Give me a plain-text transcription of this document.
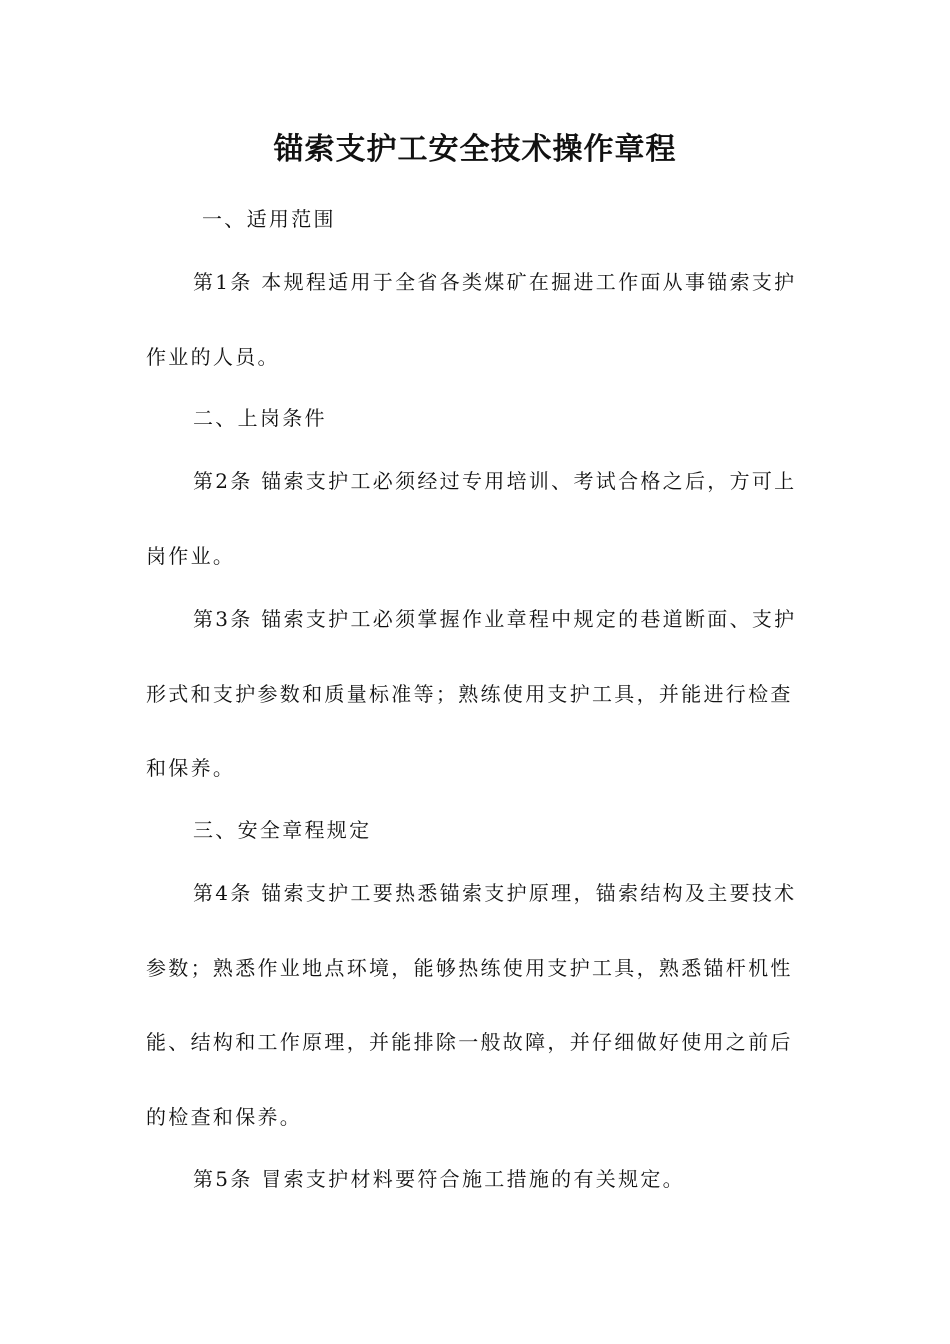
锚索支护工安全技术操作章程

一、适用范围

第1条 本规程适用于全省各类煤矿在掘进工作面从事锚索支护

作业的人员。

二、上岗条件

第2条 锚索支护工必须经过专用培训、考试合格之后，方可上

岗作业。

第3条 锚索支护工必须掌握作业章程中规定的巷道断面、支护

形式和支护参数和质量标准等；熟练使用支护工具，并能进行检查

和保养。

三、安全章程规定

第4条 锚索支护工要热悉锚索支护原理，锚索结构及主要技术

参数；熟悉作业地点环境，能够热练使用支护工具，熟悉锚杆机性

能、结构和工作原理，并能排除一般故障，并仔细做好使用之前后

的检查和保养。

第5条 冒索支护材料要符合施工措施的有关规定。
